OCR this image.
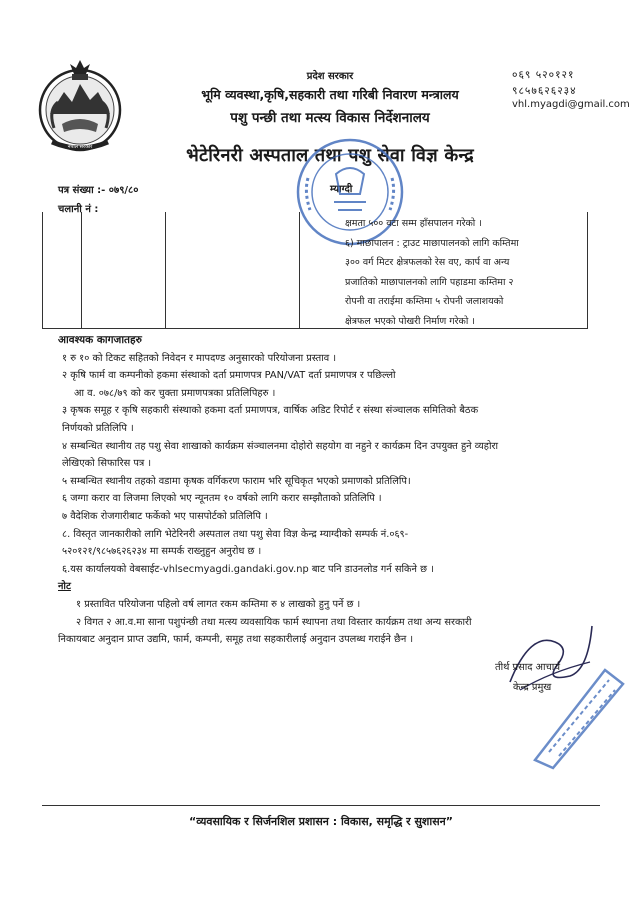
नेपाल सरकार
प्रदेश सरकार
भूमि व्यवस्था,कृषि,सहकारी तथा गरिबी निवारण मन्त्रालय
पशु पन्छी तथा मत्स्य विकास निर्देशनालय
भेटेरिनरी अस्पताल तथा पशु सेवा विज्ञ केन्द्र
०६९ ५२०१२१
९८५७६२६२३४
vhl.myagdi@gmail.com
पत्र संख्या :- ०७९/८०
चलानी नं :
म्याग्दी
क्षमता ५०० वटा सम्म हाँसपालन गरेको ।
६) माछापालन : ट्राउट माछापालनको लागि कम्तिमा
३०० वर्ग मिटर क्षेत्रफलको रेस वए, कार्प वा अन्य
प्रजातिको माछापालनको लागि पहाडमा कम्तिमा २
रोपनी वा तराईमा कम्तिमा ५ रोपनी जलाशयको
क्षेत्रफल भएको पोखरी निर्माण गरेको ।

आवश्यक कागजातहरु

१ रु १० को टिकट सहितको निवेदन र मापदण्ड अनुसारको परियोजना प्रस्ताव ।

२ कृषि फार्म वा कम्पनीको हकमा संस्थाको दर्ता प्रमाणपत्र PAN/VAT दर्ता प्रमाणपत्र र पछिल्लो

आ व. ०७८/७९ को कर चुक्ता प्रमाणपत्रका प्रतिलिपिहरु ।

३ कृषक समूह र कृषि सहकारी संस्थाको हकमा दर्ता प्रमाणपत्र, वार्षिक अडिट रिपोर्ट र संस्था संञ्चालक समितिको बैठक

निर्णयको प्रतिलिपि ।

४ सम्बन्धित स्थानीय तह पशु सेवा शाखाको कार्यक्रम संञ्चालनमा दोहोरो सहयोग वा नहुने र कार्यक्रम दिन उपयुक्त हुने व्यहोरा

लेखिएको सिफारिस पत्र ।

५ सम्बन्धित स्थानीय तहको वडामा कृषक वर्गिकरण फाराम भरि सूचिकृत भएको प्रमाणको प्रतिलिपि।

६ जग्गा करार वा लिजमा लिएको भए न्यूनतम १० वर्षको लागि करार सम्झौताको प्रतिलिपि ।

७ वैदेशिक रोजगारीबाट फर्केको भए पासपोर्टको प्रतिलिपि ।

८. विस्तृत जानकारीको लागि भेटेरिनरी अस्पताल तथा पशु सेवा विज्ञ केन्द्र म्याग्दीको सम्पर्क नं.०६९-

५२०१२१/९८५७६२६२३४ मा सम्पर्क राख्नुहुन अनुरोध छ ।

६.यस कार्यालयको वेबसाईट-vhlsecmyagdi.gandaki.gov.np बाट पनि डाउनलोड गर्न सकिने छ ।

नोट

१ प्रस्तावित परियोजना पहिलो वर्ष लागत रकम कम्तिमा रु ४ लाखको हुनु पर्ने छ ।

२ विगत २ आ.व.मा साना पशुपंन्छी तथा मत्स्य व्यवसायिक फार्म स्थापना तथा विस्तार कार्यक्रम तथा अन्य सरकारी

निकायबाट अनुदान प्राप्त उद्यमि, फार्म, कम्पनी, समूह तथा सहकारीलाई अनुदान उपलब्ध गराईने छैन ।

तीर्थ प्रसाद आचार्य
केन्द्र प्रमुख
“व्यवसायिक र सिर्जनशिल प्रशासन : विकास, समृद्धि र सुशासन”
